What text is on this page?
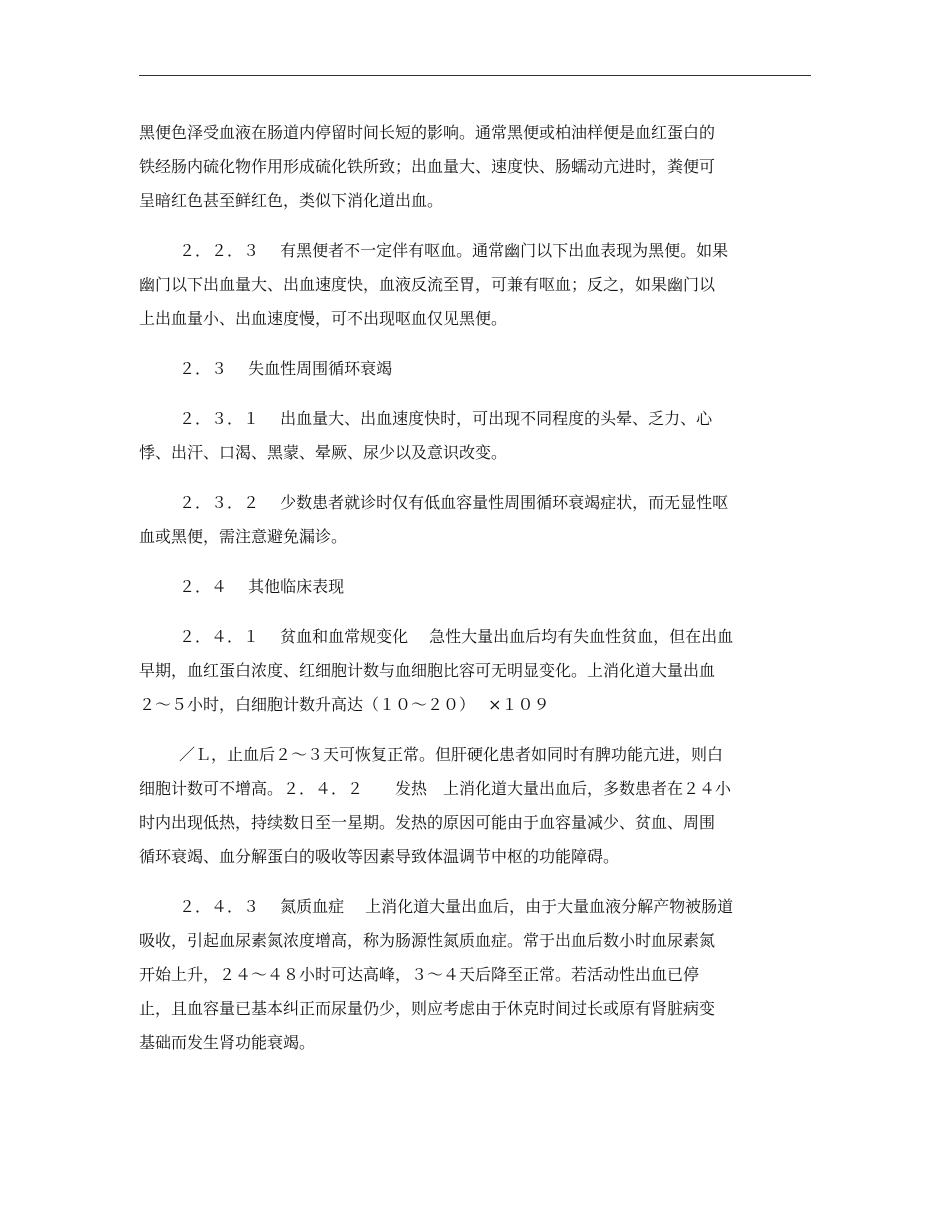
黑便色泽受血液在肠道内停留时间长短的影响。通常黑便或柏油样便是血红蛋白的
铁经肠内硫化物作用形成硫化铁所致；出血量大、速度快、肠蠕动亢进时，粪便可
呈暗红色甚至鲜红色，类似下消化道出血。
２．２．３　 有黑便者不一定伴有呕血。通常幽门以下出血表现为黑便。如果
幽门以下出血量大、出血速度快，血液反流至胃，可兼有呕血；反之，如果幽门以
上出血量小、出血速度慢，可不出现呕血仅见黑便。
２．３　 失血性周围循环衰竭
２．３．１　 出血量大、出血速度快时，可出现不同程度的头晕、乏力、心
悸、出汗、口渴、黑蒙、晕厥、尿少以及意识改变。
２．３．２　 少数患者就诊时仅有低血容量性周围循环衰竭症状，而无显性呕
血或黑便，需注意避免漏诊。
２．４　 其他临床表现
２．４．１　 贫血和血常规变化　 急性大量出血后均有失血性贫血，但在出血
早期，血红蛋白浓度、红细胞计数与血细胞比容可无明显变化。上消化道大量出血
２～５小时，白细胞计数升高达（１０～２０）　 ×１０９
／Ｌ，止血后２～３天可恢复正常。但肝硬化患者如同时有脾功能亢进，则白
细胞计数可不增高。２．４．２　　发热　上消化道大量出血后，多数患者在２４小
时内出现低热，持续数日至一星期。发热的原因可能由于血容量减少、贫血、周围
循环衰竭、血分解蛋白的吸收等因素导致体温调节中枢的功能障碍。
２．４．３　 氮质血症　 上消化道大量出血后，由于大量血液分解产物被肠道
吸收，引起血尿素氮浓度增高，称为肠源性氮质血症。常于出血后数小时血尿素氮
开始上升，２４～４８小时可达高峰，３～４天后降至正常。若活动性出血已停
止，且血容量已基本纠正而尿量仍少，则应考虑由于休克时间过长或原有肾脏病变
基础而发生肾功能衰竭。
